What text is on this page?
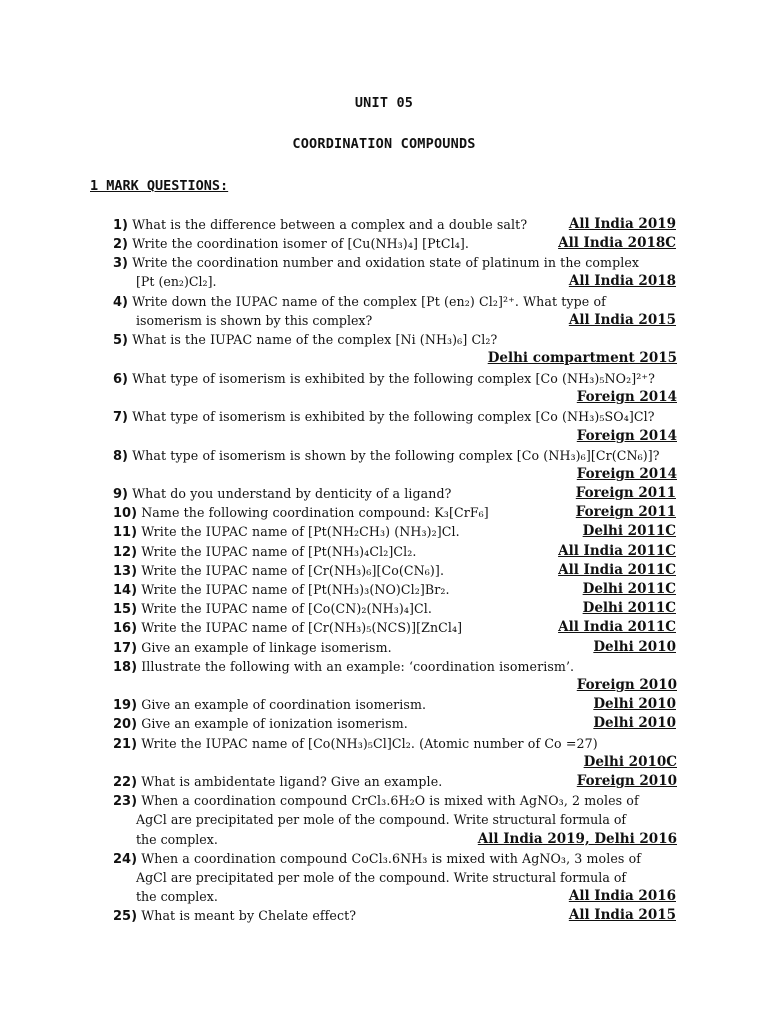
UNIT 05
COORDINATION COMPOUNDS
1 MARK QUESTIONS:
1) What is the difference between a complex and a double salt?	All India 2019
2) Write the coordination isomer of [Cu(NH₃)₄] [PtCl₄].	All India 2018C
3) Write the coordination number and oxidation state of platinum in the complex
[Pt (en₂)Cl₂].	All India 2018
4) Write down the IUPAC name of the complex [Pt (en₂) Cl₂]²⁺. What type of
isomerism is shown by this complex?	All India 2015
5) What is the IUPAC name of the complex [Ni (NH₃)₆] Cl₂?
Delhi compartment 2015
6) What type of isomerism is exhibited by the following complex [Co (NH₃)₅NO₂]²⁺?
Foreign 2014
7) What type of isomerism is exhibited by the following complex [Co (NH₃)₅SO₄]Cl?
Foreign 2014
8) What type of isomerism is shown by the following complex [Co (NH₃)₆][Cr(CN₆)]?
Foreign 2014
9) What do you understand by denticity of a ligand?	Foreign 2011
10) Name the following coordination compound: K₃[CrF₆]	Foreign 2011
11) Write the IUPAC name of [Pt(NH₂CH₃) (NH₃)₂]Cl.	Delhi 2011C
12) Write the IUPAC name of [Pt(NH₃)₄Cl₂]Cl₂.	All India 2011C
13) Write the IUPAC name of [Cr(NH₃)₆][Co(CN₆)].	All India 2011C
14) Write the IUPAC name of [Pt(NH₃)₃(NO)Cl₂]Br₂.	Delhi 2011C
15) Write the IUPAC name of [Co(CN)₂(NH₃)₄]Cl.	Delhi 2011C
16) Write the IUPAC name of [Cr(NH₃)₅(NCS)][ZnCl₄]	All India 2011C
17) Give an example of linkage isomerism.	Delhi 2010
18) Illustrate the following with an example: ‘coordination isomerism’.
Foreign 2010
19) Give an example of coordination isomerism.	Delhi 2010
20) Give an example of ionization isomerism.	Delhi 2010
21) Write the IUPAC name of [Co(NH₃)₅Cl]Cl₂. (Atomic number of Co =27)
Delhi 2010C
22) What is ambidentate ligand? Give an example.	Foreign 2010
23) When a coordination compound CrCl₃.6H₂O is mixed with AgNO₃, 2 moles of
AgCl are precipitated per mole of the compound. Write structural formula of
the complex.	All India 2019, Delhi 2016
24) When a coordination compound CoCl₃.6NH₃ is mixed with AgNO₃, 3 moles of
AgCl are precipitated per mole of the compound. Write structural formula of
the complex.	All India 2016
25) What is meant by Chelate effect?	All India 2015
